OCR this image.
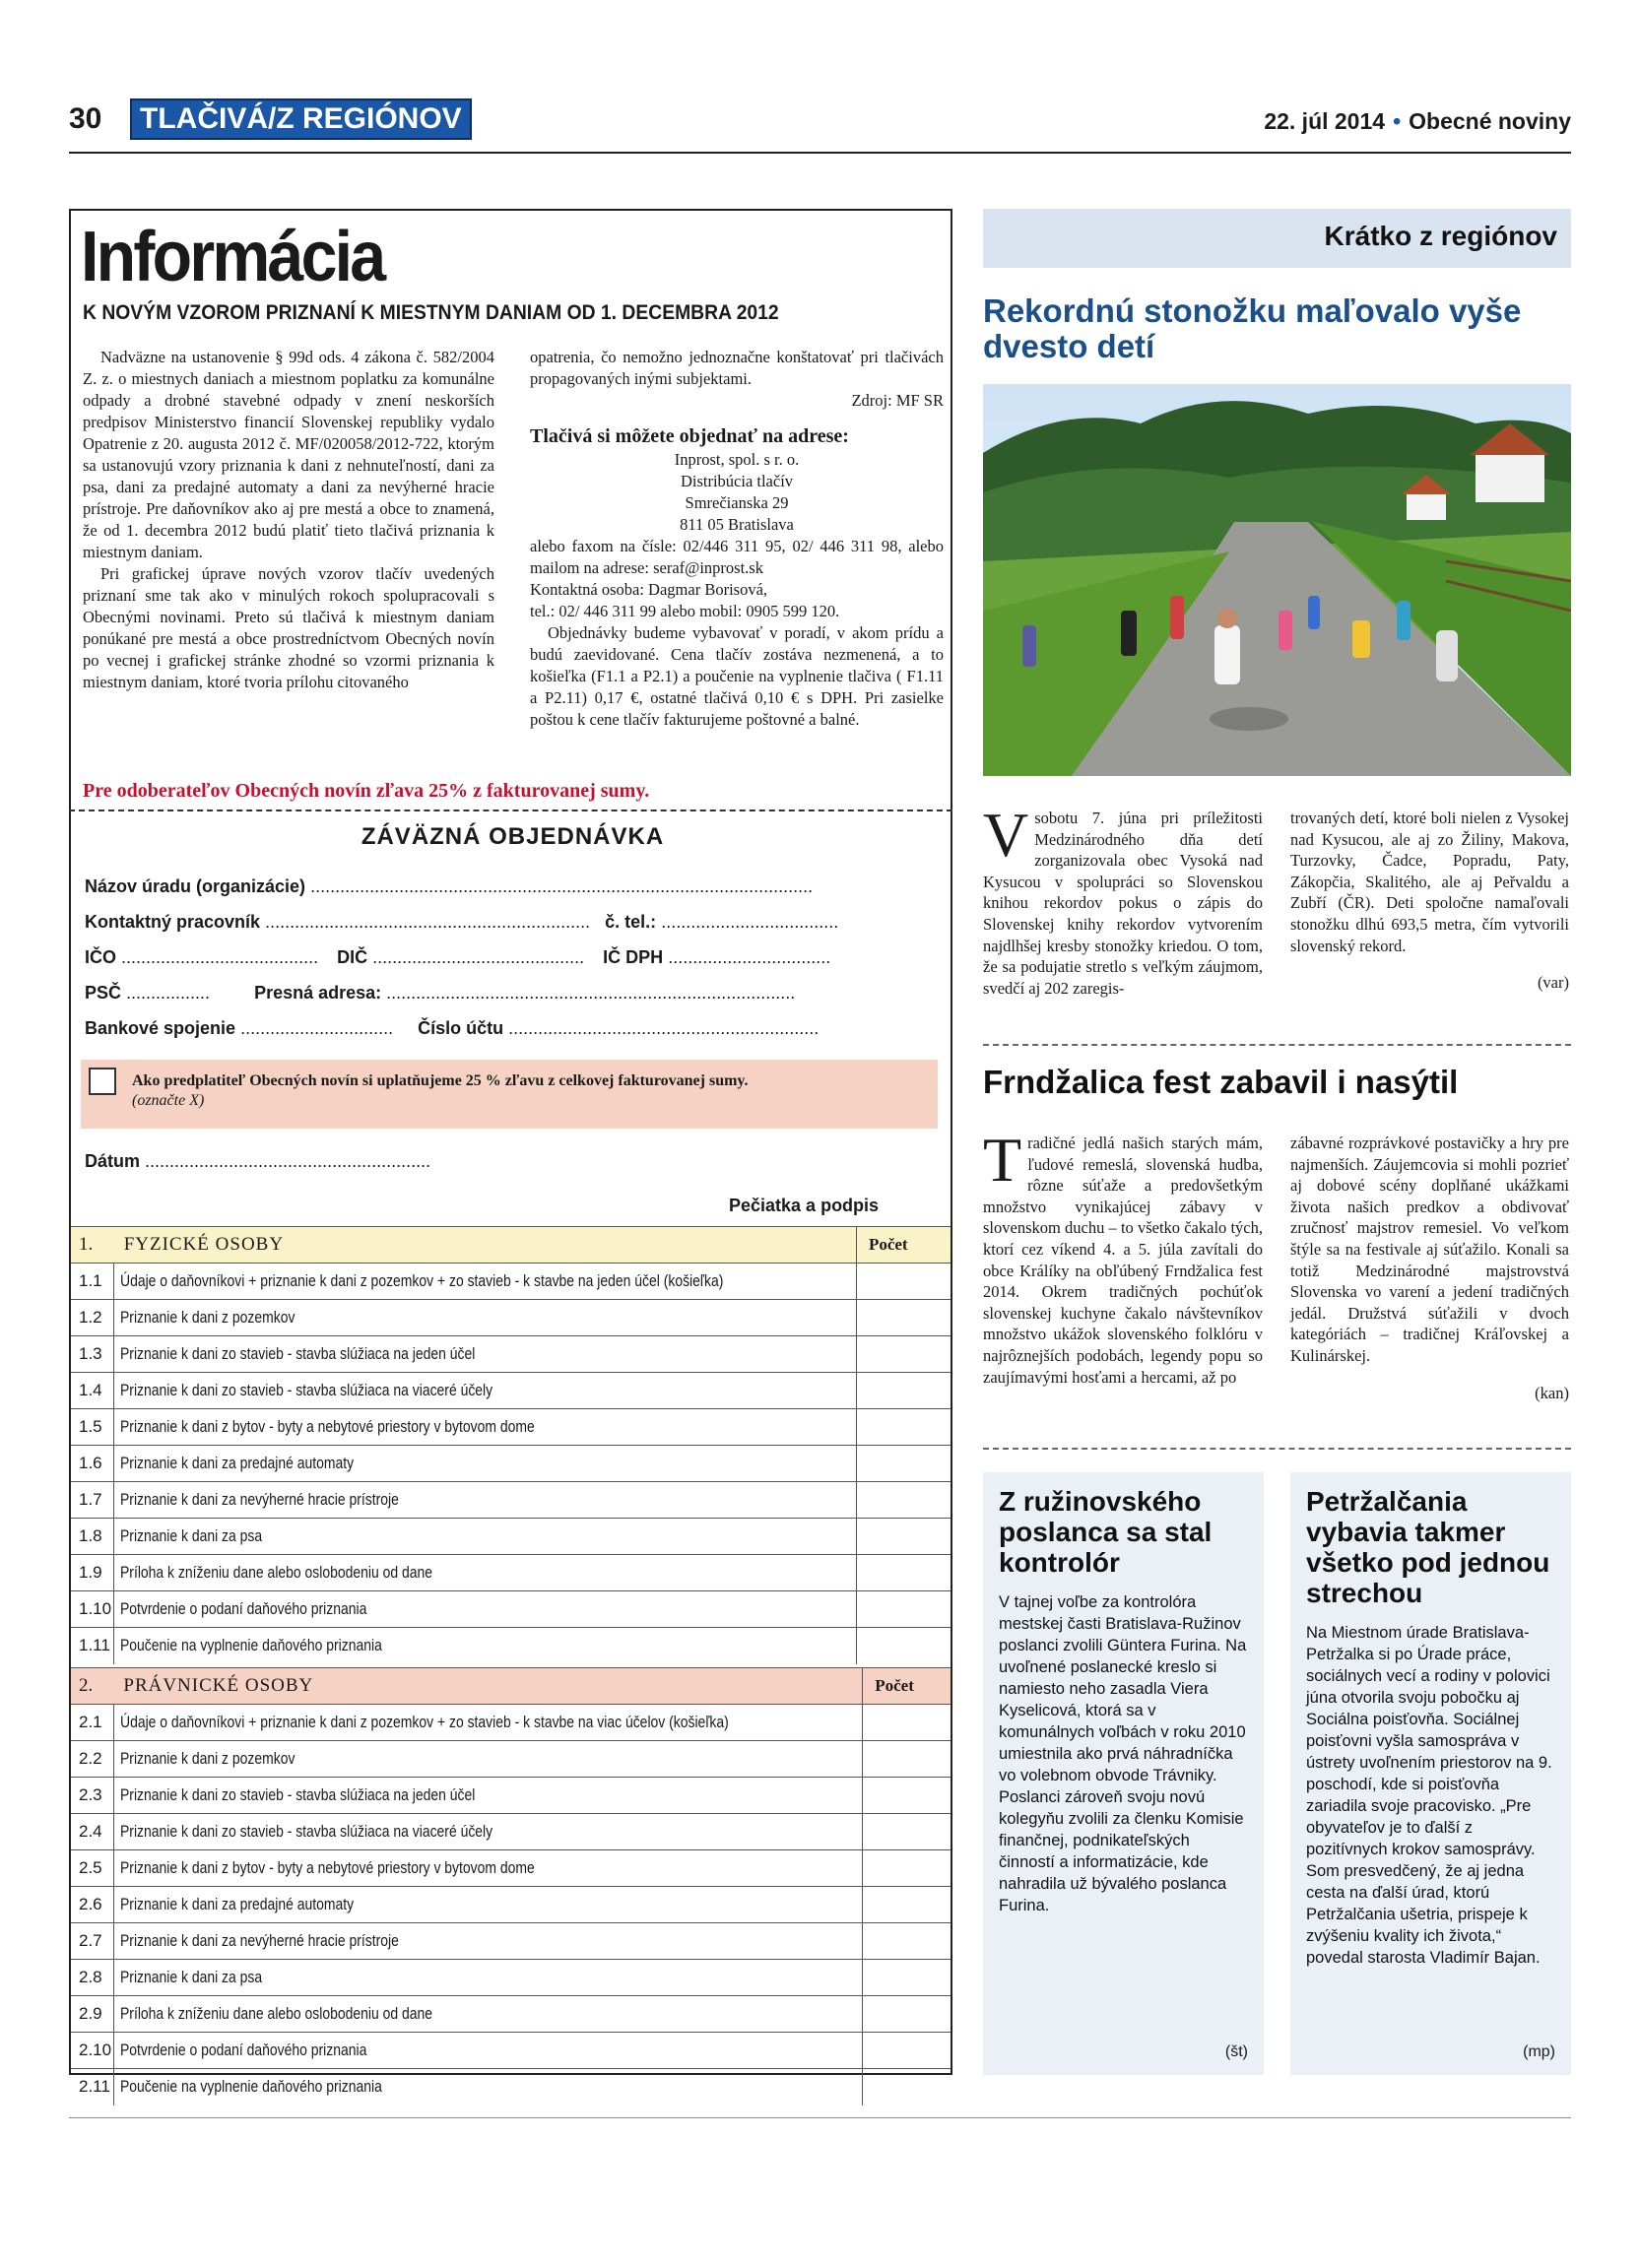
30	TLAČIVÁ/Z REGIÓNOV	22. júl 2014 • Obecné noviny
Informácia
K NOVÝM VZOROM PRIZNANÍ K MIESTNYM DANIAM OD 1. DECEMBRA 2012

Nadväzne na ustanovenie § 99d ods. 4 zákona č. 582/2004 Z. z. o miestnych daniach a miestnom poplatku za komunálne odpady a drobné stavebné odpady v znení neskorších predpisov Ministerstvo financií Slovenskej republiky vydalo Opatrenie z 20. augusta 2012 č. MF/020058/2012-722, ktorým sa ustanovujú vzory priznania k dani z nehnuteľností, dani za psa, dani za predajné automaty a dani za nevýherné hracie prístroje. Pre daňovníkov ako aj pre mestá a obce to znamená, že od 1. decembra 2012 budú platiť tieto tlačivá priznania k miestnym daniam.

Pri grafickej úprave nových vzorov tlačív uvedených priznaní sme tak ako v minulých rokoch spolupracovali s Obecnými novinami. Preto sú tlačivá k miestnym daniam ponúkané pre mestá a obce prostredníctvom Obecných novín po vecnej i grafickej stránke zhodné so vzormi priznania k miestnym daniam, ktoré tvoria prílohu citovaného

opatrenia, čo nemožno jednoznačne konštatovať pri tlačivách propagovaných inými subjektami.

Zdroj: MF SR

Tlačivá si môžete objednať na adrese:

Inprost, spol. s r. o.

Distribúcia tlačív

Smrečianska 29

811 05 Bratislava

alebo faxom na čísle: 02/446 311 95, 02/ 446 311 98, alebo mailom na adrese: seraf@inprost.sk

Kontaktná osoba: Dagmar Borisová,

tel.: 02/ 446 311 99 alebo mobil: 0905 599 120.

Objednávky budeme vybavovať v poradí, v akom prídu a budú zaevidované. Cena tlačív zostáva nezmenená, a to košieľka (F1.1 a P2.1) a poučenie na vyplnenie tlačiva ( F1.11 a P2.11) 0,17 €, ostatné tlačivá 0,10 € s DPH. Pri zasielke poštou k cene tlačív fakturujeme poštovné a balné.

Pre odoberateľov Obecných novín zľava 25% z fakturovanej sumy.
ZÁVÄZNÁ OBJEDNÁVKA
Názov úradu (organizácie) ......................................................................................................
Kontaktný pracovník .................................................................. č. tel.: ....................................
IČO ........................................ DIČ ........................................... IČ DPH .................................
PSČ .................	Presná adresa: ...................................................................................
Bankové spojenie ............................... Číslo účtu ...............................................................
Ako predplatiteľ Obecných novín si uplatňujeme 25 % zľavu z celkovej fakturovanej sumy.
(označte X)
Dátum ..........................................................
Pečiatka a podpis
1.	FYZICKÉ OSOBY	Počet
1.1	Údaje o daňovníkovi + priznanie k dani z pozemkov + zo stavieb - k stavbe na jeden účel (košieľka)	
1.2	Priznanie k dani z pozemkov	
1.3	Priznanie k dani zo stavieb - stavba slúžiaca na jeden účel	
1.4	Priznanie k dani zo stavieb - stavba slúžiaca na viaceré účely	
1.5	Priznanie k dani z bytov - byty a nebytové priestory v bytovom dome	
1.6	Priznanie k dani za predajné automaty	
1.7	Priznanie k dani za nevýherné hracie prístroje	
1.8	Priznanie k dani za psa	
1.9	Príloha k zníženiu dane alebo oslobodeniu od dane	
1.10	Potvrdenie o podaní daňového priznania	
1.11	Poučenie na vyplnenie daňového priznania	
2.	PRÁVNICKÉ OSOBY	Počet
2.1	Údaje o daňovníkovi + priznanie k dani z pozemkov + zo stavieb - k stavbe na viac účelov (košieľka)	
2.2	Priznanie k dani z pozemkov	
2.3	Priznanie k dani zo stavieb - stavba slúžiaca na jeden účel	
2.4	Priznanie k dani zo stavieb - stavba slúžiaca na viaceré účely	
2.5	Priznanie k dani z bytov - byty a nebytové priestory v bytovom dome	
2.6	Priznanie k dani za predajné automaty	
2.7	Priznanie k dani za nevýherné hracie prístroje	
2.8	Priznanie k dani za psa	
2.9	Príloha k zníženiu dane alebo oslobodeniu od dane	
2.10	Potvrdenie o podaní daňového priznania	
2.11	Poučenie na vyplnenie daňového priznania	
Krátko z regiónov
Rekordnú stonožku maľovalo vyše dvesto detí
V sobotu 7. júna pri príležitosti Medzinárodného dňa detí zorganizovala obec Vysoká nad Kysucou v spolupráci so Slovenskou knihou rekordov pokus o zápis do Slovenskej knihy rekordov vytvorením najdlhšej kresby stonožky kriedou. O tom, že sa podujatie stretlo s veľkým záujmom, svedčí aj 202 zaregis-

trovaných detí, ktoré boli nielen z Vysokej nad Kysucou, ale aj zo Žiliny, Makova, Turzovky, Čadce, Popradu, Paty, Zákopčia, Skalitého, ale aj Peřvaldu a Zubří (ČR). Deti spoločne namaľovali stonožku dlhú 693,5 metra, čím vytvorili slovenský rekord.

(var)

Frndžalica fest zabavil i nasýtil
T radičné jedlá našich starých mám, ľudové remeslá, slovenská hudba, rôzne súťaže a predovšetkým množstvo vynikajúcej zábavy v slovenskom duchu – to všetko čakalo tých, ktorí cez víkend 4. a 5. júla zavítali do obce Králíky na obľúbený Frndžalica fest 2014. Okrem tradičných pochúťok slovenskej kuchyne čakalo návštevníkov množstvo ukážok slovenského folklóru v najrôznejších podobách, legendy popu so zaujímavými hosťami a hercami, až po

zábavné rozprávkové postavičky a hry pre najmenších. Záujemcovia si mohli pozrieť aj dobové scény doplňané ukážkami života našich predkov a obdivovať zručnosť majstrov remesiel. Vo veľkom štýle sa na festivale aj súťažilo. Konali sa totiž Medzinárodné majstrovstvá Slovenska vo varení a jedení tradičných jedál. Družstvá súťažili v dvoch kategóriách – tradičnej Kráľovskej a Kulinárskej.

(kan)

Z ružinovského poslanca sa stal kontrolór

V tajnej voľbe za kontrolóra mestskej časti Bratislava-Ružinov poslanci zvolili Güntera Furina. Na uvoľnené poslanecké kreslo si namiesto neho zasadla Viera Kyselicová, ktorá sa v komunálnych voľbách v roku 2010 umiestnila ako prvá náhradníčka vo volebnom obvode Trávniky. Poslanci zároveň svoju novú kolegyňu zvolili za členku Komisie finančnej, podnikateľských činností a informatizácie, kde nahradila už bývalého poslanca Furina.

(št)
Petržalčania vybavia takmer všetko pod jednou strechou

Na Miestnom úrade Bratislava-Petržalka si po Úrade práce, sociálnych vecí a rodiny v polovici júna otvorila svoju pobočku aj Sociálna poisťovňa. Sociálnej poisťovni vyšla samospráva v ústrety uvoľnením priestorov na 9. poschodí, kde si poisťovňa zariadila svoje pracovisko. „Pre obyvateľov je to ďalší z pozitívnych krokov samosprávy. Som presvedčený, že aj jedna cesta na ďalší úrad, ktorú Petržalčania ušetria, prispeje k zvýšeniu kvality ich života,“ povedal starosta Vladimír Bajan.

(mp)
